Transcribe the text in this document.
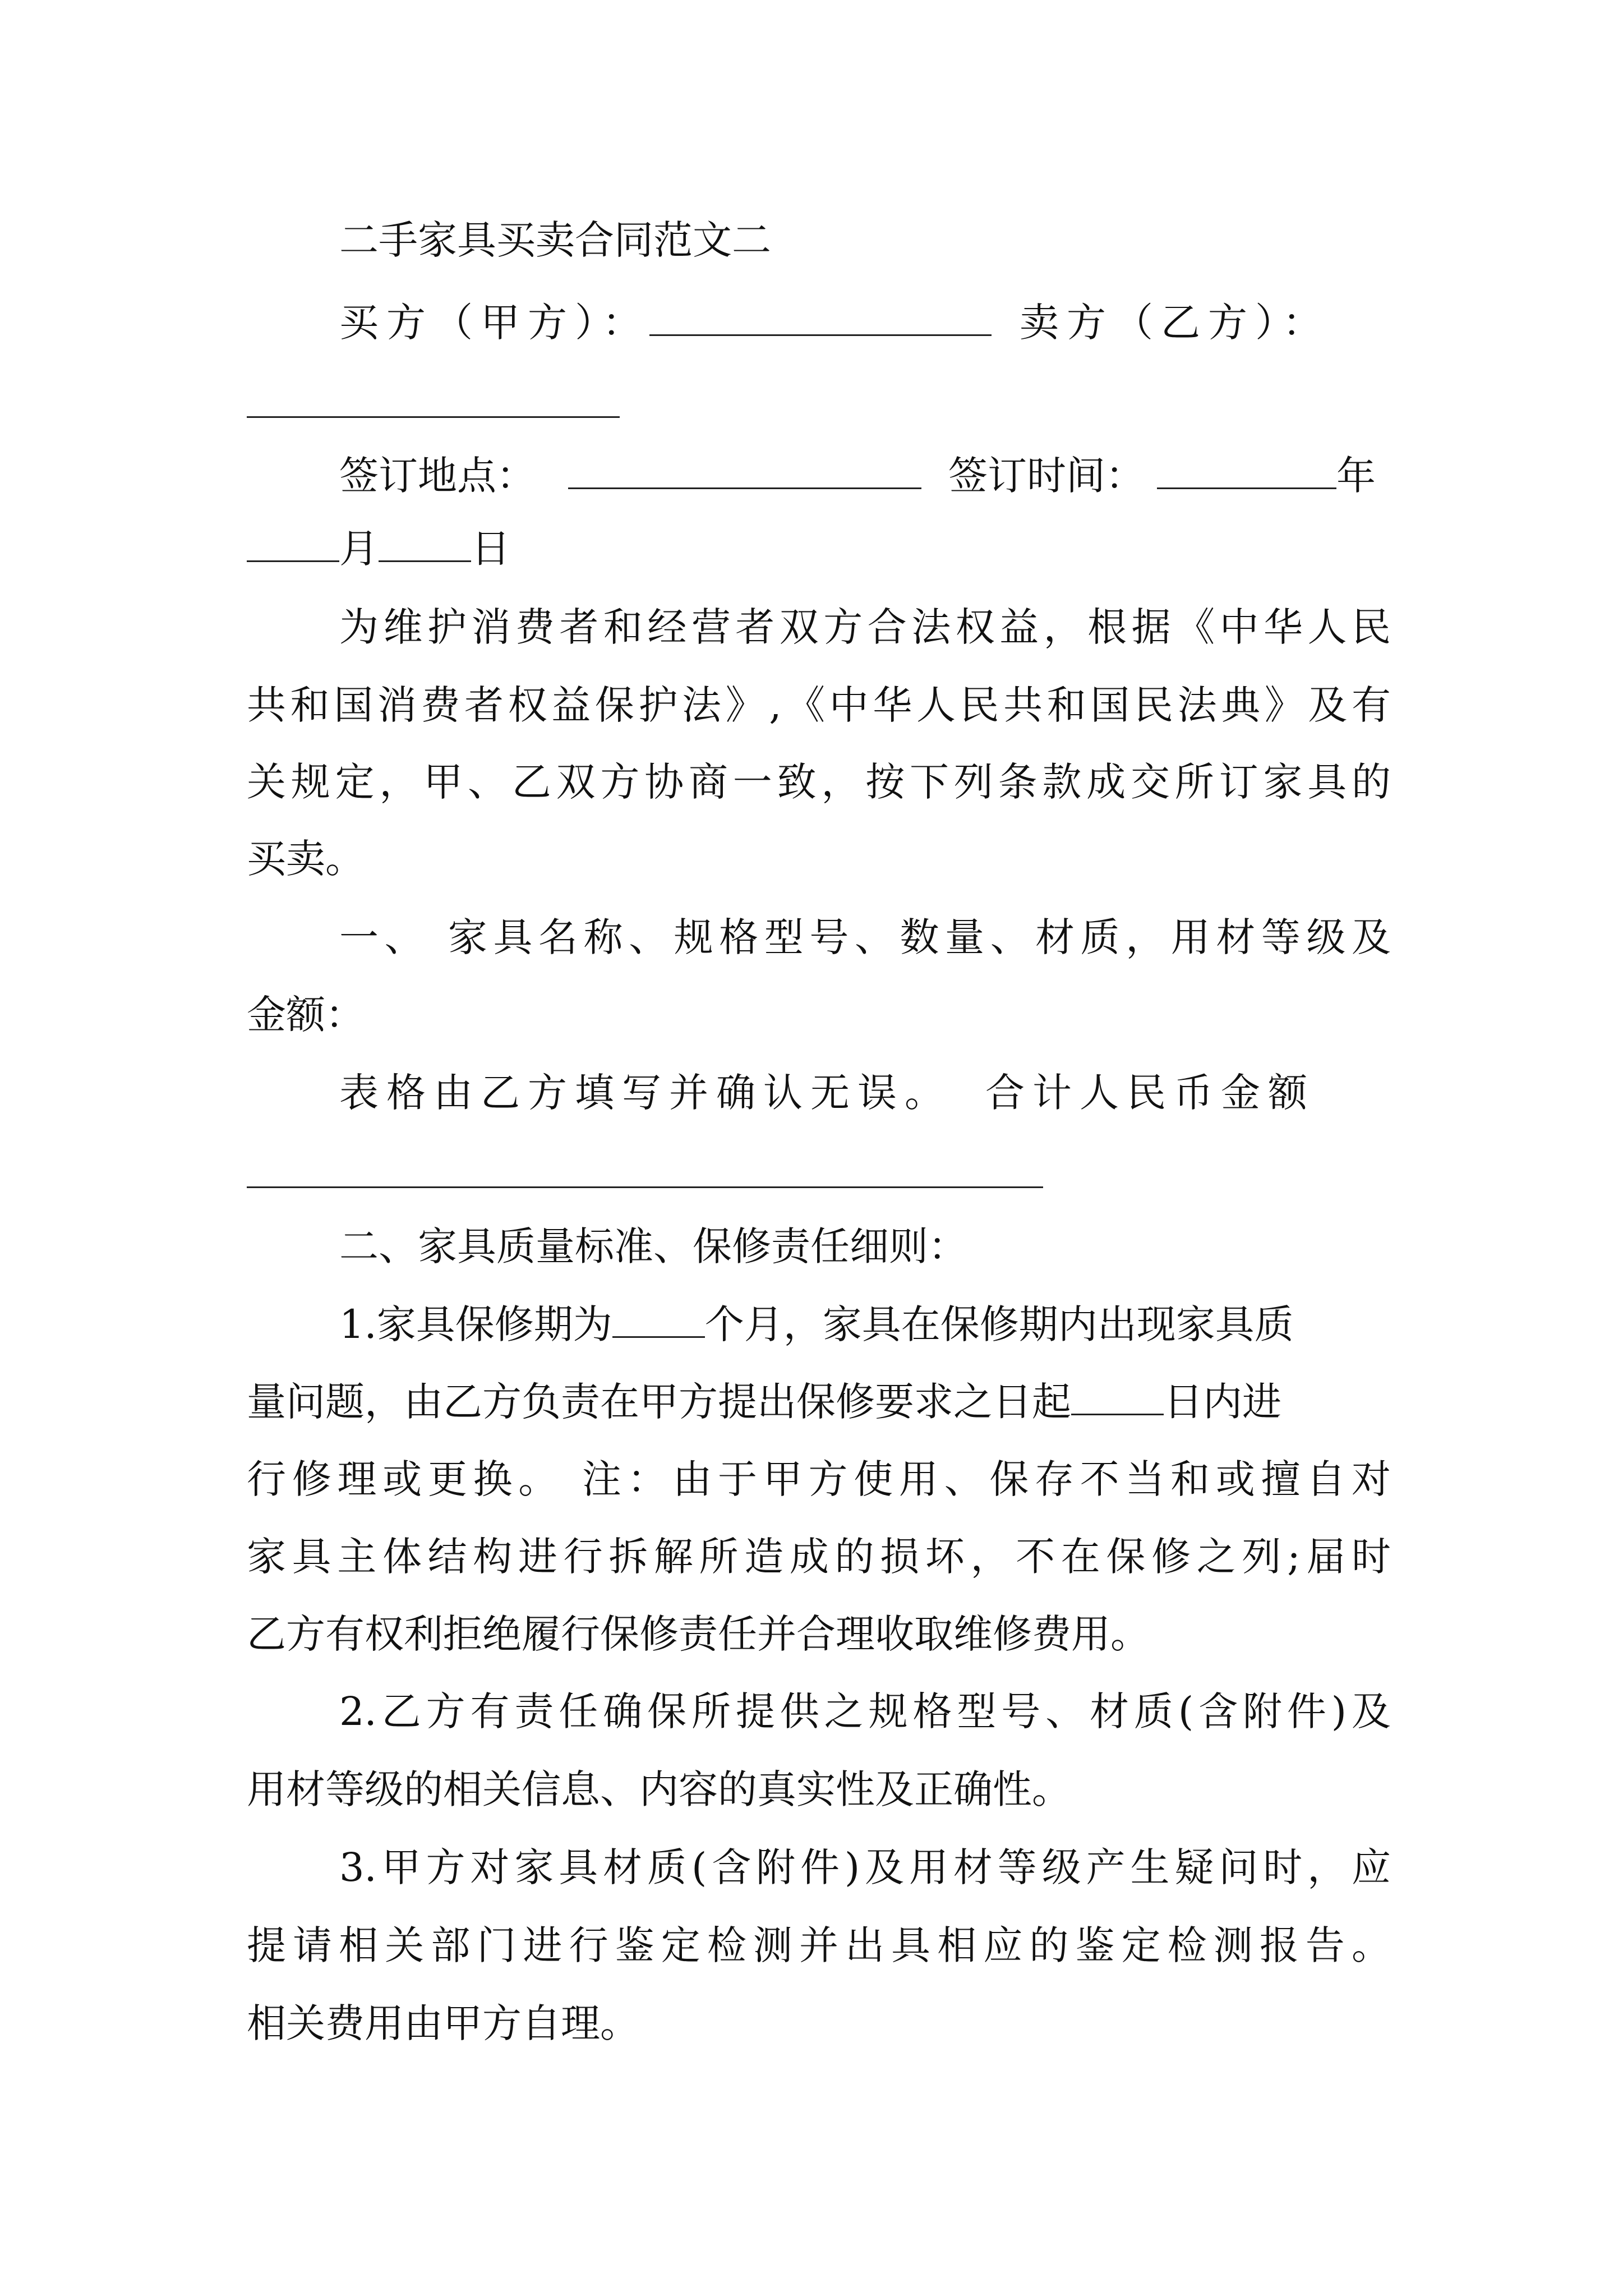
二手家具买卖合同范文二
买方（甲方）：	卖方（乙方）：
签订地点：	签订时间：	年
月 日
为维护消费者和经营者双方合法权益，根据《中华人民
共和国消费者权益保护法》,《中华人民共和国民法典》及有
关规定，甲、乙双方协商一致，按下列条款成交所订家具的
买卖。
一、 家具名称、规格型号、数量、材质，用材等级及
金额：
表格由乙方填写并确认无误。 合计人民币金额
二、家具质量标准、保修责任细则：
1.家具保修期为 个月，家具在保修期内出现家具质
量问题，由乙方负责在甲方提出保修要求之日起 日内进
行修理或更换。 注：由于甲方使用、保存不当和或擅自对
家具主体结构进行拆解所造成的损坏，不在保修之列;届时
乙方有权利拒绝履行保修责任并合理收取维修费用。
2.乙方有责任确保所提供之规格型号、材质(含附件)及
用材等级的相关信息、内容的真实性及正确性。
3.甲方对家具材质(含附件)及用材等级产生疑问时，应
提请相关部门进行鉴定检测并出具相应的鉴定检测报告。
相关费用由甲方自理。
